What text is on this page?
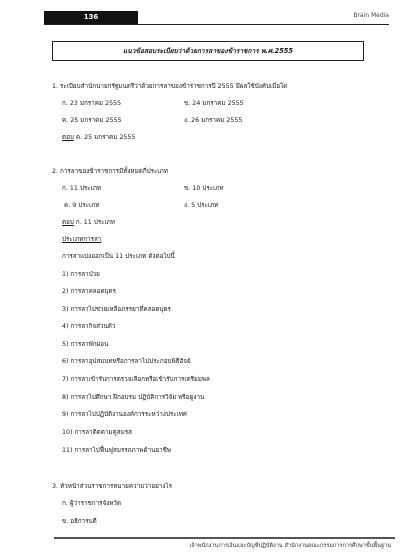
136	Brain Media
แนวข้อสอบระเบียบว่าด้วยการลาของข้าราชการ พ.ศ.2555
1. ระเบียบสำนักนายกรัฐมนตรีว่าด้วยการลาของข้าราชการปี 2555 มีผลใช้บังคับเมื่อใด
ก. 23 มกราคม 2555	ข. 24 มกราคม 2555
ค. 25 มกราคม 2555	ง. 26 มกราคม 2555
ตอบ ค. 25 มกราคม 2555
2. การลาของข้าราชการมีทั้งหมดกี่ประเภท
ก. 11 ประเภท	ข. 10 ประเภท
ค. 9 ประเภท	ง. 5 ประเภท
ตอบ ก. 11 ประเภท
ประเภทการลา
การลาแบ่งออกเป็น 11 ประเภท ดังต่อไปนี้
1) การลาป่วย
2) การลาคลอดบุตร
3) การลาไปช่วยเหลือภรรยาที่คลอดบุตร
4) การลากิจส่วนตัว
5) การลาพักผ่อน
6) การลาอุปสมบทหรือการลาไปประกอบพิธีฮัจย์
7) การลาเข้ารับการตรวจเลือกหรือเข้ารับการเตรียมพล
8) การลาไปศึกษา ฝึกอบรม ปฏิบัติการวิจัย หรือดูงาน
9) การลาไปปฏิบัติงานองค์การระหว่างประเทศ
10) การลาติดตามคู่สมรส
11) การลาไปฟื้นฟูสมรรถภาพด้านอาชีพ
3. หัวหน้าส่วนราชการหมายความว่าอย่างไร
ก. ผู้ว่าราชการจังหวัด
ข. อธิการบดี
เจ้าพนักงานการเงินและบัญชีปฏิบัติงาน สำนักงานคณะกรรมการการศึกษาขั้นพื้นฐาน
